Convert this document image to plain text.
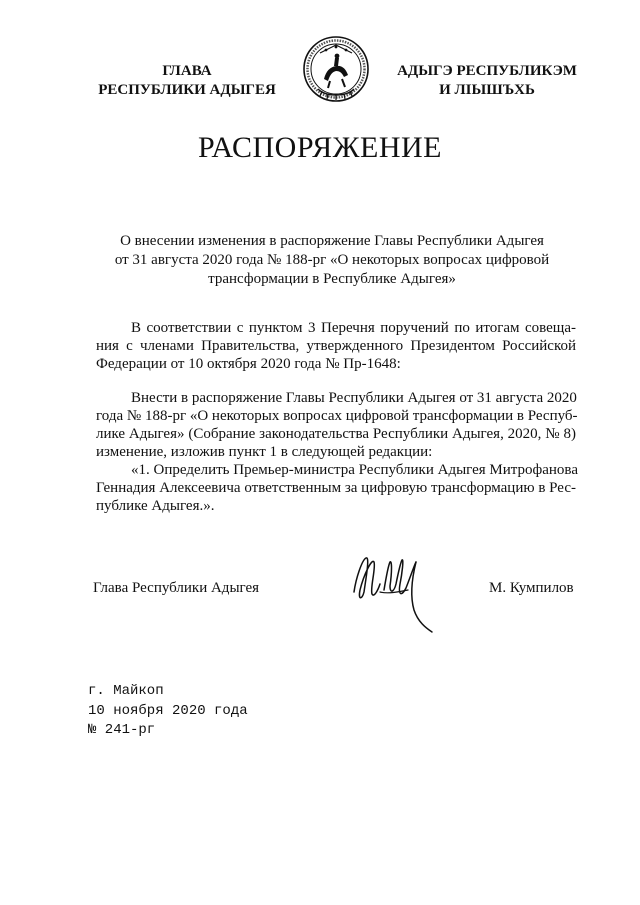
ГЛАВА
РЕСПУБЛИКИ АДЫГЕЯ
АДЫГЭ РЕСПУБЛИКЭМ
И ЛІЫШЪХЬ
РАСПОРЯЖЕНИЕ
О внесении изменения в распоряжение Главы Республики Адыгея
от 31 августа 2020 года № 188-рг «О некоторых вопросах цифровой
трансформации в Республике Адыгея»
В соответствии с пунктом 3 Перечня поручений по итогам совеща-
ния с членами Правительства, утвержденного Президентом Российской
Федерации от 10 октября 2020 года № Пр-1648:
Внести в распоряжение Главы Республики Адыгея от 31 августа 2020
года № 188-рг «О некоторых вопросах цифровой трансформации в Респуб-
лике Адыгея» (Собрание законодательства Республики Адыгея, 2020, № 8)
изменение, изложив пункт 1 в следующей редакции:
«1. Определить Премьер-министра Республики Адыгея Митрофанова
Геннадия Алексеевича ответственным за цифровую трансформацию в Рес-
публике Адыгея.».
Глава Республики Адыгея	М. Кумпилов
г. Майкоп
10 ноября 2020 года
№ 241-рг
